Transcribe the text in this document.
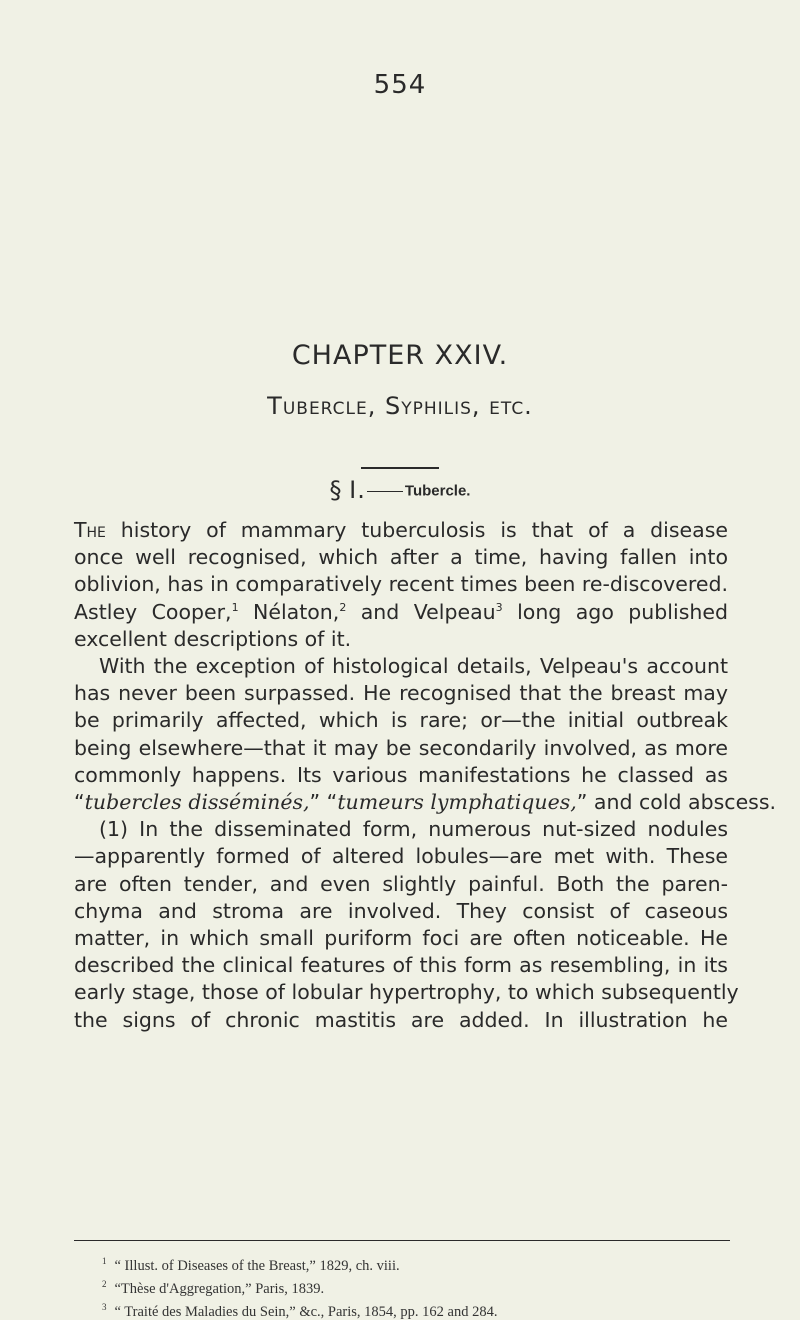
554
CHAPTER XXIV.
Tubercle, Syphilis, etc.
§ I.	Tubercle.
The history of mammary tuberculosis is that of a disease
once well recognised, which after a time, having fallen into
oblivion, has in comparatively recent times been re-discovered.
Astley Cooper,$^1$ Nélaton,$^2$ and Velpeau$^3$ long ago published
excellent descriptions of it.
With the exception of histological details, Velpeau's account
has never been surpassed. He recognised that the breast may
be primarily affected, which is rare; or—the initial outbreak
being elsewhere—that it may be secondarily involved, as more
commonly happens. Its various manifestations he classed as
“tubercles disséminés,” “tumeurs lymphatiques,” and cold abscess.
(1) In the disseminated form, numerous nut-sized nodules
—apparently formed of altered lobules—are met with. These
are often tender, and even slightly painful. Both the paren-
chyma and stroma are involved. They consist of caseous
matter, in which small puriform foci are often noticeable. He
described the clinical features of this form as resembling, in its
early stage, those of lobular hypertrophy, to which subsequently
the signs of chronic mastitis are added. In illustration he
$^1$ “ Illust. of Diseases of the Breast,” 1829, ch. viii.
$^2$ “Thèse d'Aggregation,” Paris, 1839.
$^3$ “ Traité des Maladies du Sein,” &c., Paris, 1854, pp. 162 and 284.
